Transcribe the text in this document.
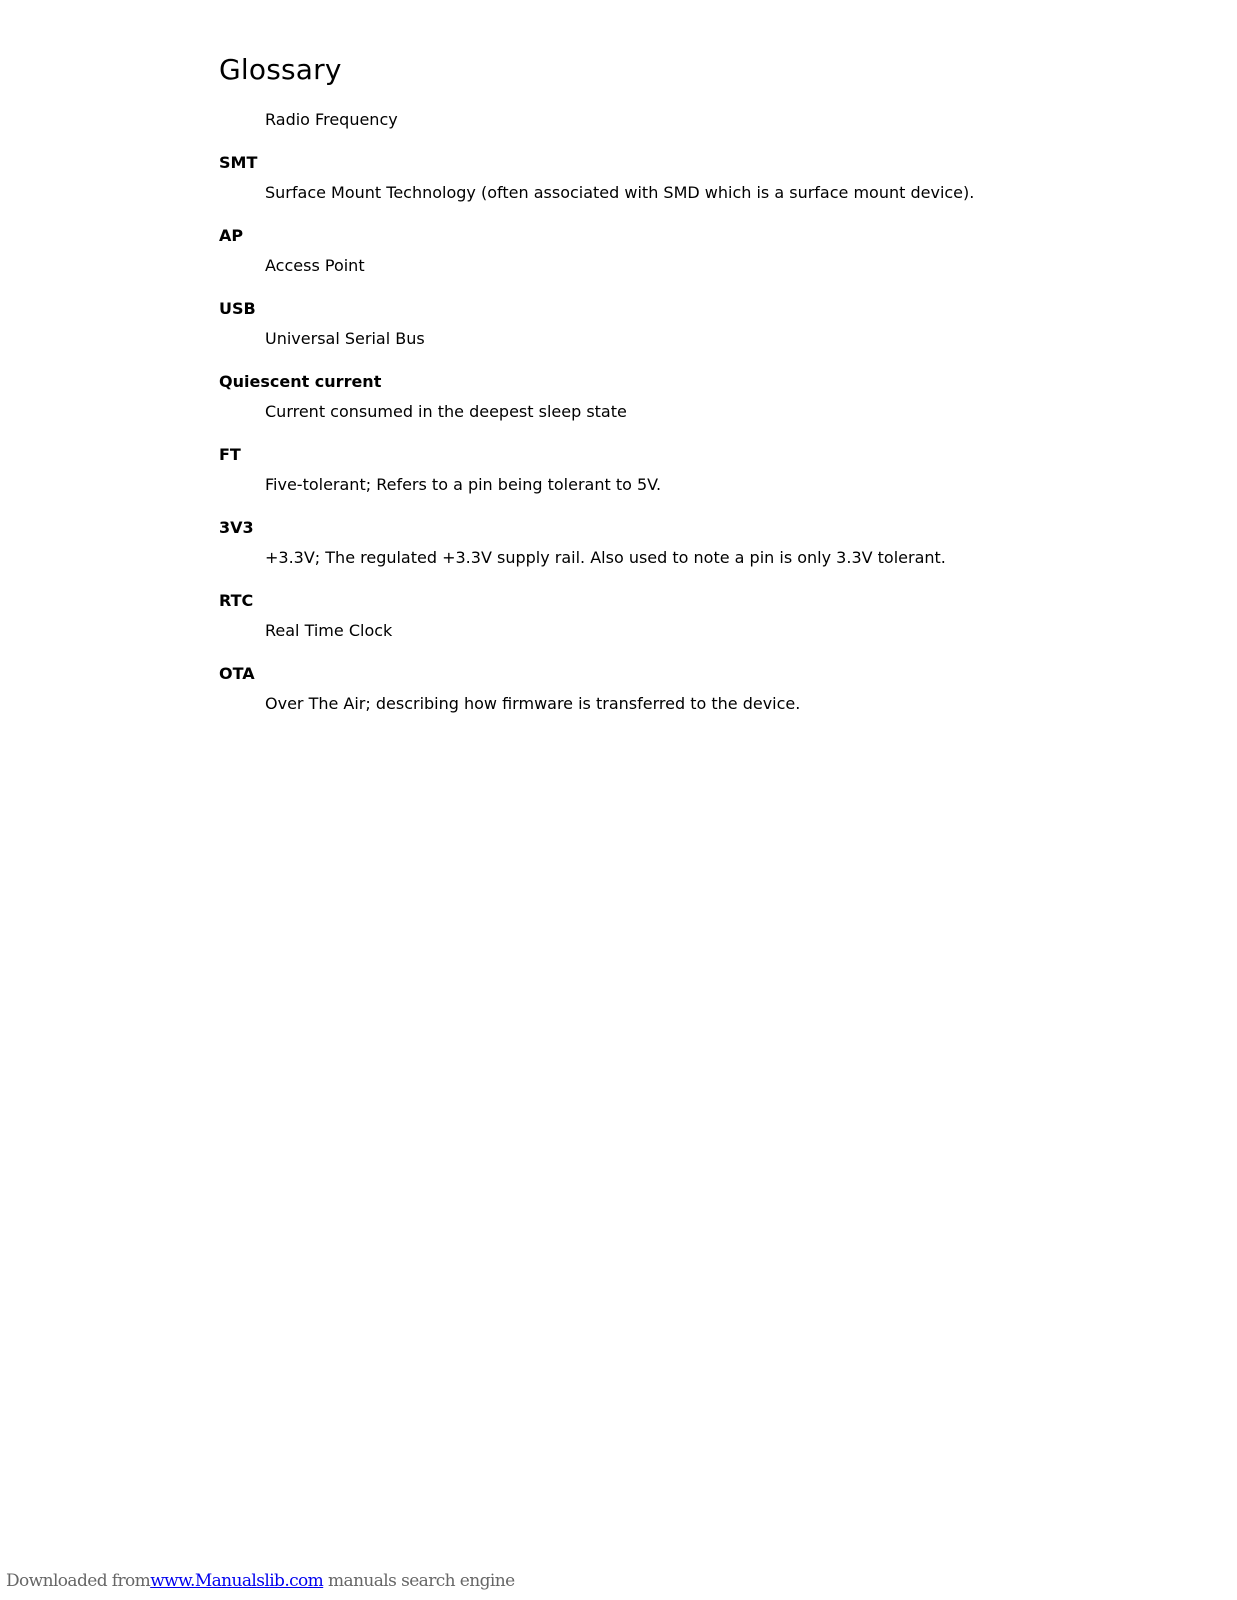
Glossary
Radio Frequency
SMT
Surface Mount Technology (often associated with SMD which is a surface mount device).
AP
Access Point
USB
Universal Serial Bus
Quiescent current
Current consumed in the deepest sleep state
FT
Five-tolerant; Refers to a pin being tolerant to 5V.
3V3
+3.3V; The regulated +3.3V supply rail. Also used to note a pin is only 3.3V tolerant.
RTC
Real Time Clock
OTA
Over The Air; describing how firmware is transferred to the device.
Downloaded fromwww.Manualslib.com manuals search engine
